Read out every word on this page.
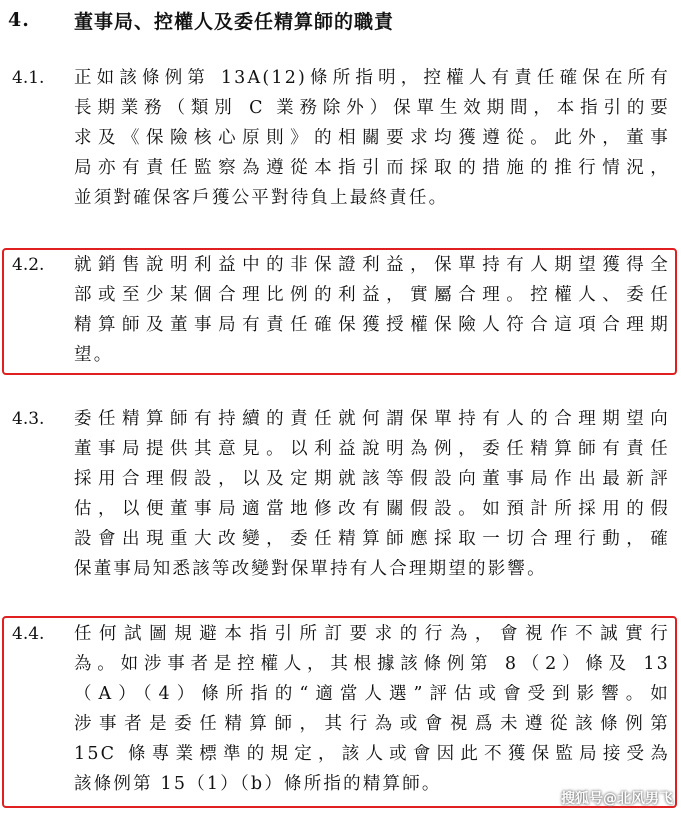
4.	董事局、控權人及委任精算師的職責
4.1. 正如該條例第 13A(12)條所指明，控權人有責任確保在所有
長期業務（類別 C 業務除外）保單生效期間，本指引的要
求及《保險核心原則》的相關要求均獲遵從。此外，董事
局亦有責任監察為遵從本指引而採取的措施的推行情況，
並須對確保客戶獲公平對待負上最終責任。
4.2. 就銷售說明利益中的非保證利益，保單持有人期望獲得全
部或至少某個合理比例的利益，實屬合理。控權人、委任
精算師及董事局有責任確保獲授權保險人符合這項合理期
望。
4.3. 委任精算師有持續的責任就何謂保單持有人的合理期望向
董事局提供其意見。以利益說明為例，委任精算師有責任
採用合理假設，以及定期就該等假設向董事局作出最新評
估，以便董事局適當地修改有關假設。如預計所採用的假
設會出現重大改變，委任精算師應採取一切合理行動，確
保董事局知悉該等改變對保單持有人合理期望的影響。
4.4. 任何試圖規避本指引所訂要求的行為，會視作不誠實行
為。如涉事者是控權人，其根據該條例第 8（2）條及 13
（A）（4）條所指的“適當人選”評估或會受到影響。如
涉事者是委任精算師，其行為或會視爲未遵從該條例第
15C 條專業標準的規定，該人或會因此不獲保監局接受為
該條例第 15（1）（b）條所指的精算師。
搜狐号@北风男飞
